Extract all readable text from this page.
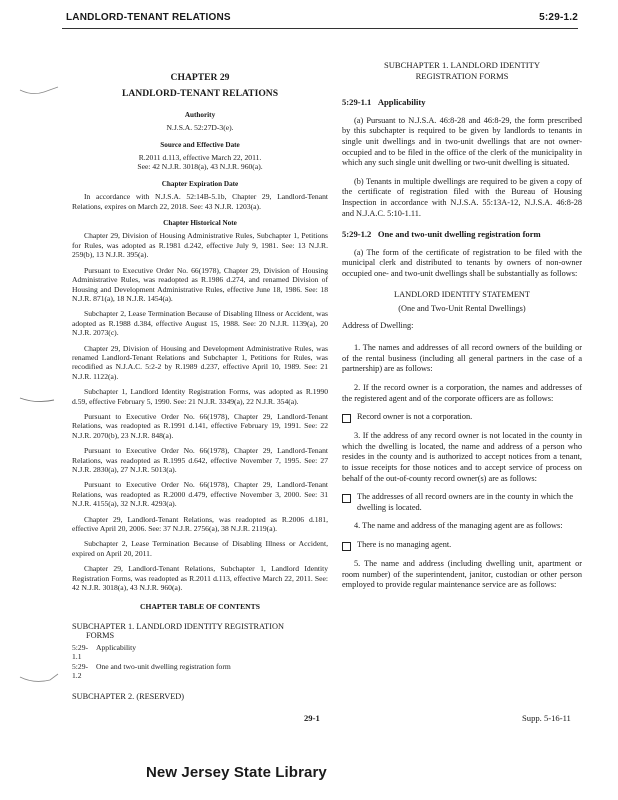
LANDLORD-TENANT RELATIONS	5:29-1.2
CHAPTER 29
LANDLORD-TENANT RELATIONS
Authority
N.J.S.A. 52:27D-3(e).
Source and Effective Date
R.2011 d.113, effective March 22, 2011.
See: 42 N.J.R. 3018(a), 43 N.J.R. 960(a).
Chapter Expiration Date
In accordance with N.J.S.A. 52:14B-5.1b, Chapter 29, Landlord-Tenant Relations, expires on March 22, 2018. See: 43 N.J.R. 1203(a).
Chapter Historical Note
Chapter 29, Division of Housing Administrative Rules, Subchapter 1, Petitions for Rules, was adopted as R.1981 d.242, effective July 9, 1981. See: 13 N.J.R. 259(b), 13 N.J.R. 395(a).
Pursuant to Executive Order No. 66(1978), Chapter 29, Division of Housing Administrative Rules, was readopted as R.1986 d.274, and renamed Division of Housing and Development Administrative Rules, effective June 18, 1986. See: 18 N.J.R. 871(a), 18 N.J.R. 1454(a).
Subchapter 2, Lease Termination Because of Disabling Illness or Accident, was adopted as R.1988 d.384, effective August 15, 1988. See: 20 N.J.R. 1139(a), 20 N.J.R. 2073(c).
Chapter 29, Division of Housing and Development Administrative Rules, was renamed Landlord-Tenant Relations and Subchapter 1, Petitions for Rules, was recodified as N.J.A.C. 5:2-2 by R.1989 d.237, effective April 10, 1989. See: 21 N.J.R. 1122(a).
Subchapter 1, Landlord Identity Registration Forms, was adopted as R.1990 d.59, effective February 5, 1990. See: 21 N.J.R. 3349(a), 22 N.J.R. 354(a).
Pursuant to Executive Order No. 66(1978), Chapter 29, Landlord-Tenant Relations, was readopted as R.1991 d.141, effective February 19, 1991. See: 22 N.J.R. 2070(b), 23 N.J.R. 848(a).
Pursuant to Executive Order No. 66(1978), Chapter 29, Landlord-Tenant Relations, was readopted as R.1995 d.642, effective November 7, 1995. See: 27 N.J.R. 2830(a), 27 N.J.R. 5013(a).
Pursuant to Executive Order No. 66(1978), Chapter 29, Landlord-Tenant Relations, was readopted as R.2000 d.479, effective November 3, 2000. See: 31 N.J.R. 4155(a), 32 N.J.R. 4293(a).
Chapter 29, Landlord-Tenant Relations, was readopted as R.2006 d.181, effective April 20, 2006. See: 37 N.J.R. 2756(a), 38 N.J.R. 2119(a).
Subchapter 2, Lease Termination Because of Disabling Illness or Accident, expired on April 20, 2011.
Chapter 29, Landlord-Tenant Relations, Subchapter 1, Landlord Identity Registration Forms, was readopted as R.2011 d.113, effective March 22, 2011. See: 42 N.J.R. 3018(a), 43 N.J.R. 960(a).
CHAPTER TABLE OF CONTENTS
SUBCHAPTER 1. LANDLORD IDENTITY REGISTRATION
FORMS
5:29-1.1
Applicability
5:29-1.2
One and two-unit dwelling registration form
SUBCHAPTER 2. (RESERVED)
SUBCHAPTER 1. LANDLORD IDENTITY
REGISTRATION FORMS
5:29-1.1 Applicability
(a) Pursuant to N.J.S.A. 46:8-28 and 46:8-29, the form prescribed by this subchapter is required to be given by landlords to tenants in single unit dwellings and in two-unit dwellings that are not owner-occupied and to be filed in the office of the clerk of the municipality in which any such single unit dwelling or two-unit dwelling is situated.
(b) Tenants in multiple dwellings are required to be given a copy of the certificate of registration filed with the Bureau of Housing Inspection in accordance with N.J.S.A. 55:13A-12, N.J.S.A. 46:8-28 and N.J.A.C. 5:10-1.11.
5:29-1.2 One and two-unit dwelling registration form
(a) The form of the certificate of registration to be filed with the municipal clerk and distributed to tenants by owners of non-owner occupied one- and two-unit dwellings shall be substantially as follows:
LANDLORD IDENTITY STATEMENT
(One and Two-Unit Rental Dwellings)
Address of Dwelling:
1. The names and addresses of all record owners of the building or of the rental business (including all general partners in the case of a partnership) are as follows:
2. If the record owner is a corporation, the names and addresses of the registered agent and of the corporate officers are as follows:
Record owner is not a corporation.
3. If the address of any record owner is not located in the county in which the dwelling is located, the name and address of a person who resides in the county and is authorized to accept notices from a tenant, to issue receipts for those notices and to accept service of process on behalf of the out-of-county record owner(s) are as follows:
The addresses of all record owners are in the county in which the dwelling is located.
4. The name and address of the managing agent are as follows:
There is no managing agent.
5. The name and address (including dwelling unit, apartment or room number) of the superintendent, janitor, custodian or other person employed to provide regular maintenance service are as follows:
29-1	Supp. 5-16-11
New Jersey State Library
